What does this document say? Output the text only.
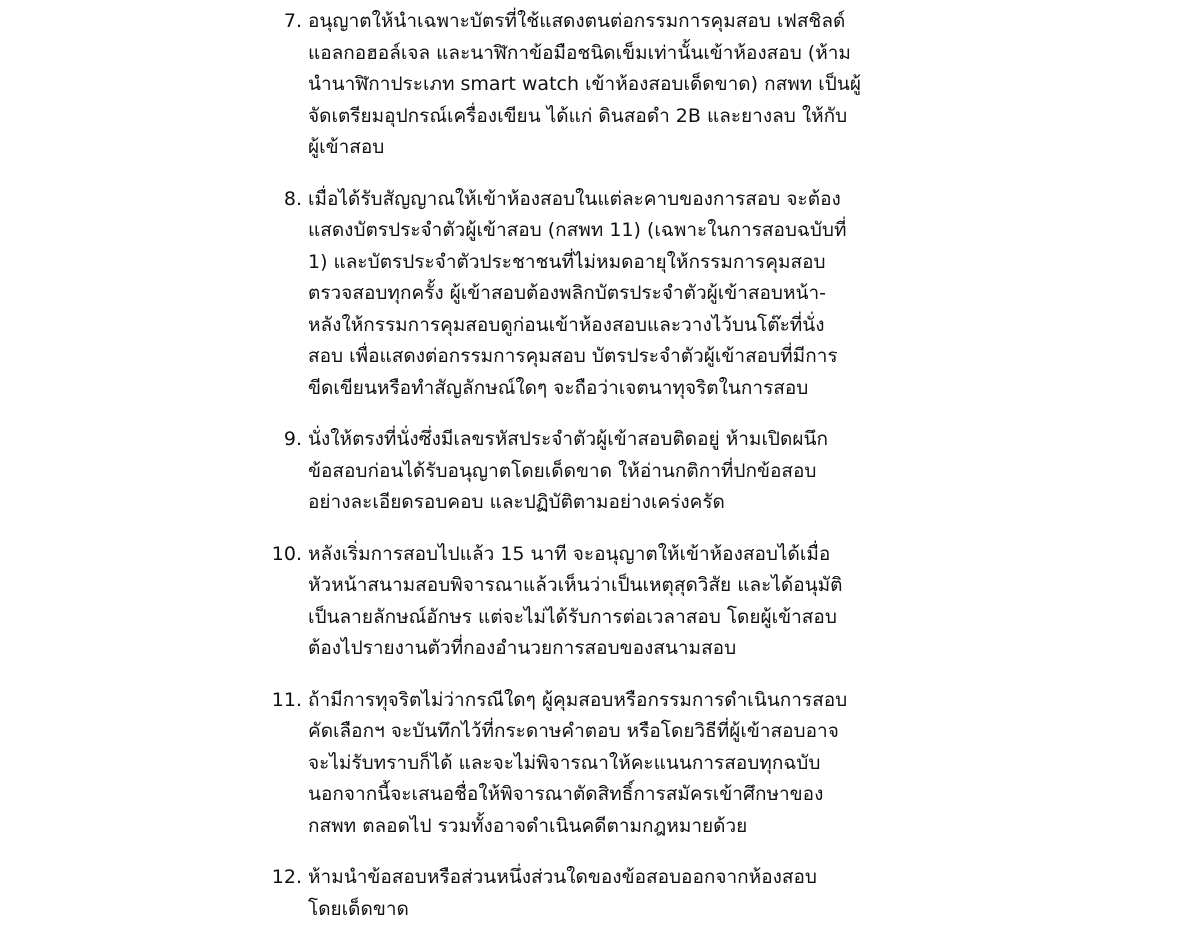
7. อนุญาตให้นำเฉพาะบัตรที่ใช้แสดงตนต่อกรรมการคุมสอบ เฟสชิลด์
แอลกอฮอล์เจล และนาฬิกาข้อมือชนิดเข็มเท่านั้นเข้าห้องสอบ (ห้าม
นำนาฬิกาประเภท smart watch เข้าห้องสอบเด็ดขาด) กสพท เป็นผู้
จัดเตรียมอุปกรณ์เครื่องเขียน ได้แก่ ดินสอดำ 2B และยางลบ ให้กับ
ผู้เข้าสอบ
8. เมื่อได้รับสัญญาณให้เข้าห้องสอบในแต่ละคาบของการสอบ จะต้อง
แสดงบัตรประจำตัวผู้เข้าสอบ (กสพท 11) (เฉพาะในการสอบฉบับที่
1) และบัตรประจำตัวประชาชนที่ไม่หมดอายุให้กรรมการคุมสอบ
ตรวจสอบทุกครั้ง ผู้เข้าสอบต้องพลิกบัตรประจำตัวผู้เข้าสอบหน้า-
หลังให้กรรมการคุมสอบดูก่อนเข้าห้องสอบและวางไว้บนโต๊ะที่นั่ง
สอบ เพื่อแสดงต่อกรรมการคุมสอบ บัตรประจำตัวผู้เข้าสอบที่มีการ
ขีดเขียนหรือทำสัญลักษณ์ใดๆ จะถือว่าเจตนาทุจริตในการสอบ
9. นั่งให้ตรงที่นั่งซึ่งมีเลขรหัสประจำตัวผู้เข้าสอบติดอยู่ ห้ามเปิดผนึก
ข้อสอบก่อนได้รับอนุญาตโดยเด็ดขาด ให้อ่านกติกาที่ปกข้อสอบ
อย่างละเอียดรอบคอบ และปฏิบัติตามอย่างเคร่งครัด
10. หลังเริ่มการสอบไปแล้ว 15 นาที จะอนุญาตให้เข้าห้องสอบได้เมื่อ
หัวหน้าสนามสอบพิจารณาแล้วเห็นว่าเป็นเหตุสุดวิสัย และได้อนุมัติ
เป็นลายลักษณ์อักษร แต่จะไม่ได้รับการต่อเวลาสอบ โดยผู้เข้าสอบ
ต้องไปรายงานตัวที่กองอำนวยการสอบของสนามสอบ
11. ถ้ามีการทุจริตไม่ว่ากรณีใดๆ ผู้คุมสอบหรือกรรมการดำเนินการสอบ
คัดเลือกฯ จะบันทึกไว้ที่กระดาษคำตอบ หรือโดยวิธีที่ผู้เข้าสอบอาจ
จะไม่รับทราบก็ได้ และจะไม่พิจารณาให้คะแนนการสอบทุกฉบับ
นอกจากนี้จะเสนอชื่อให้พิจารณาตัดสิทธิ์การสมัครเข้าศึกษาของ
กสพท ตลอดไป รวมทั้งอาจดำเนินคดีตามกฎหมายด้วย
12. ห้ามนำข้อสอบหรือส่วนหนึ่งส่วนใดของข้อสอบออกจากห้องสอบ
โดยเด็ดขาด
